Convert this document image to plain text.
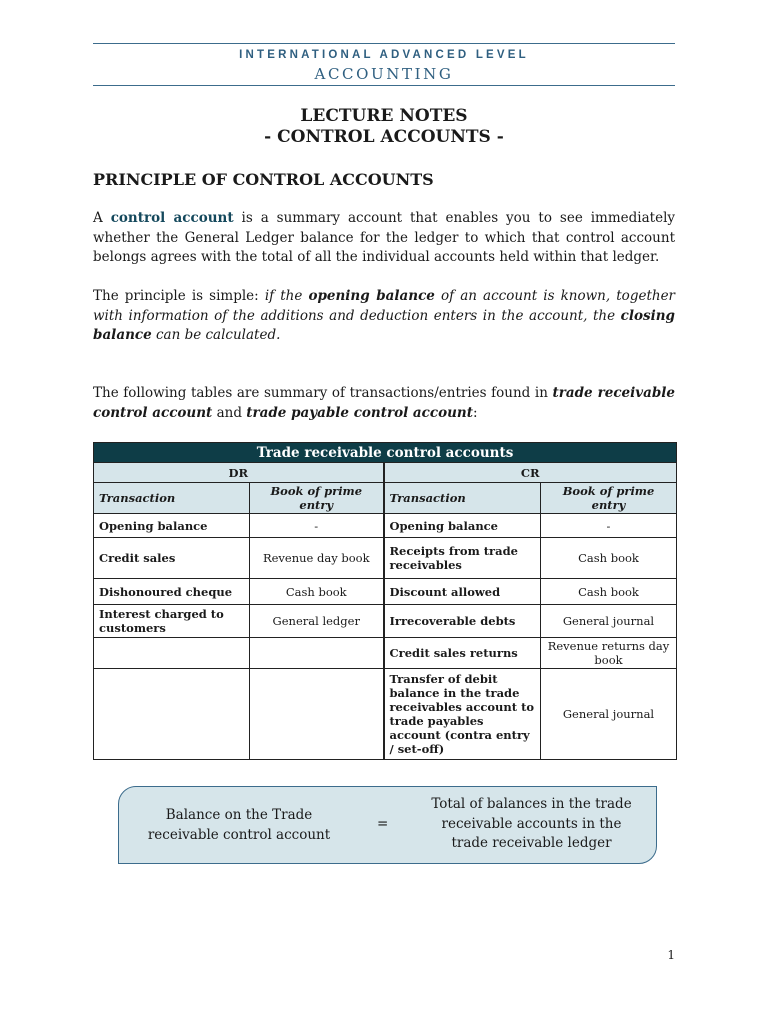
INTERNATIONAL ADVANCED LEVEL
ACCOUNTING
LECTURE NOTES
- CONTROL ACCOUNTS -
PRINCIPLE OF CONTROL ACCOUNTS
A control account is a summary account that enables you to see immediately whether the General Ledger balance for the ledger to which that control account belongs agrees with the total of all the individual accounts held within that ledger.
The principle is simple: if the opening balance of an account is known, together with information of the additions and deduction enters in the account, the closing balance can be calculated.
The following tables are summary of transactions/entries found in trade receivable control account and trade payable control account:
Trade receivable control accounts			
DR		CR	
Transaction	Book of prime entry	Transaction	Book of prime entry
Opening balance	-	Opening balance	-
Credit sales	Revenue day book	Receipts from trade receivables	Cash book
Dishonoured cheque	Cash book	Discount allowed	Cash book
Interest charged to customers	General ledger	Irrecoverable debts	General journal
		Credit sales returns	Revenue returns day book
		Transfer of debit balance in the trade receivables account to trade payables account (contra entry / set-off)	General journal
Balance on the Trade receivable control account
=
Total of balances in the trade receivable accounts in the trade receivable ledger
1
